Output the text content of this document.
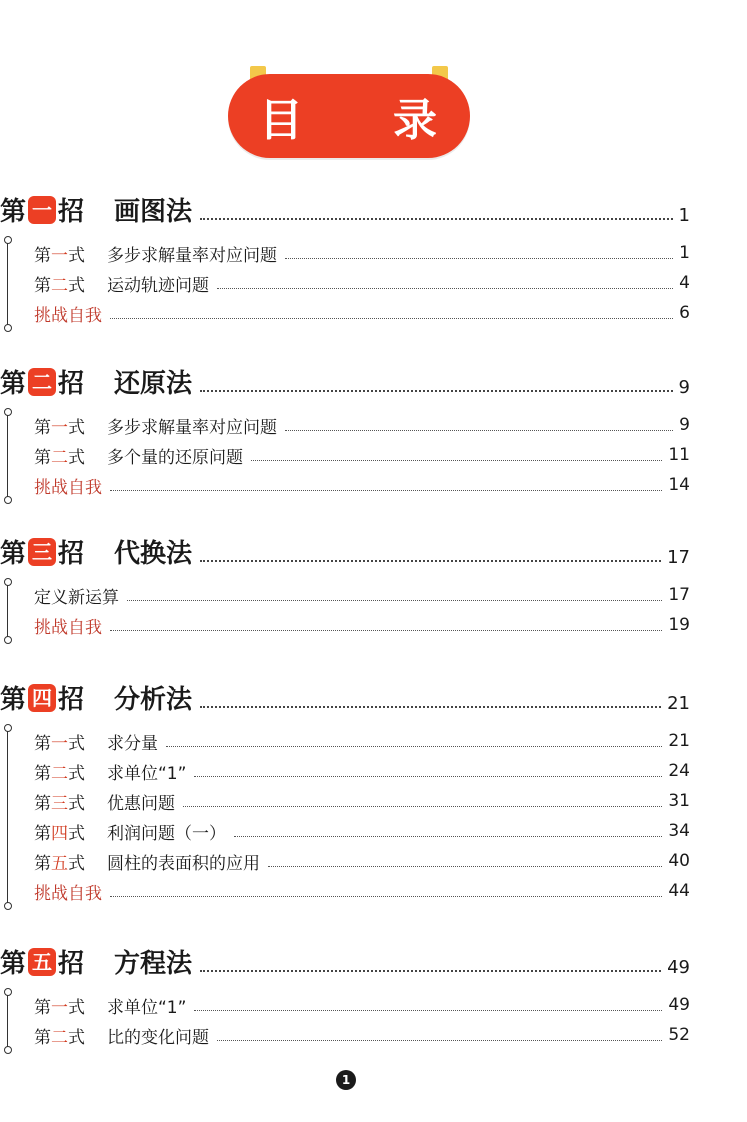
目 录
第 一 招 画图法	1
第一式 多步求解量率对应问题	1
第二式 运动轨迹问题	4
挑战自我	6
第 二 招 还原法	9
第一式 多步求解量率对应问题	9
第二式 多个量的还原问题	11
挑战自我	14
第 三 招 代换法	17
定义新运算	17
挑战自我	19
第 四 招 分析法	21
第一式 求分量	21
第二式 求单位“1”	24
第三式 优惠问题	31
第四式 利润问题（一）	34
第五式 圆柱的表面积的应用	40
挑战自我	44
第 五 招 方程法	49
第一式 求单位“1”	49
第二式 比的变化问题	52
1
